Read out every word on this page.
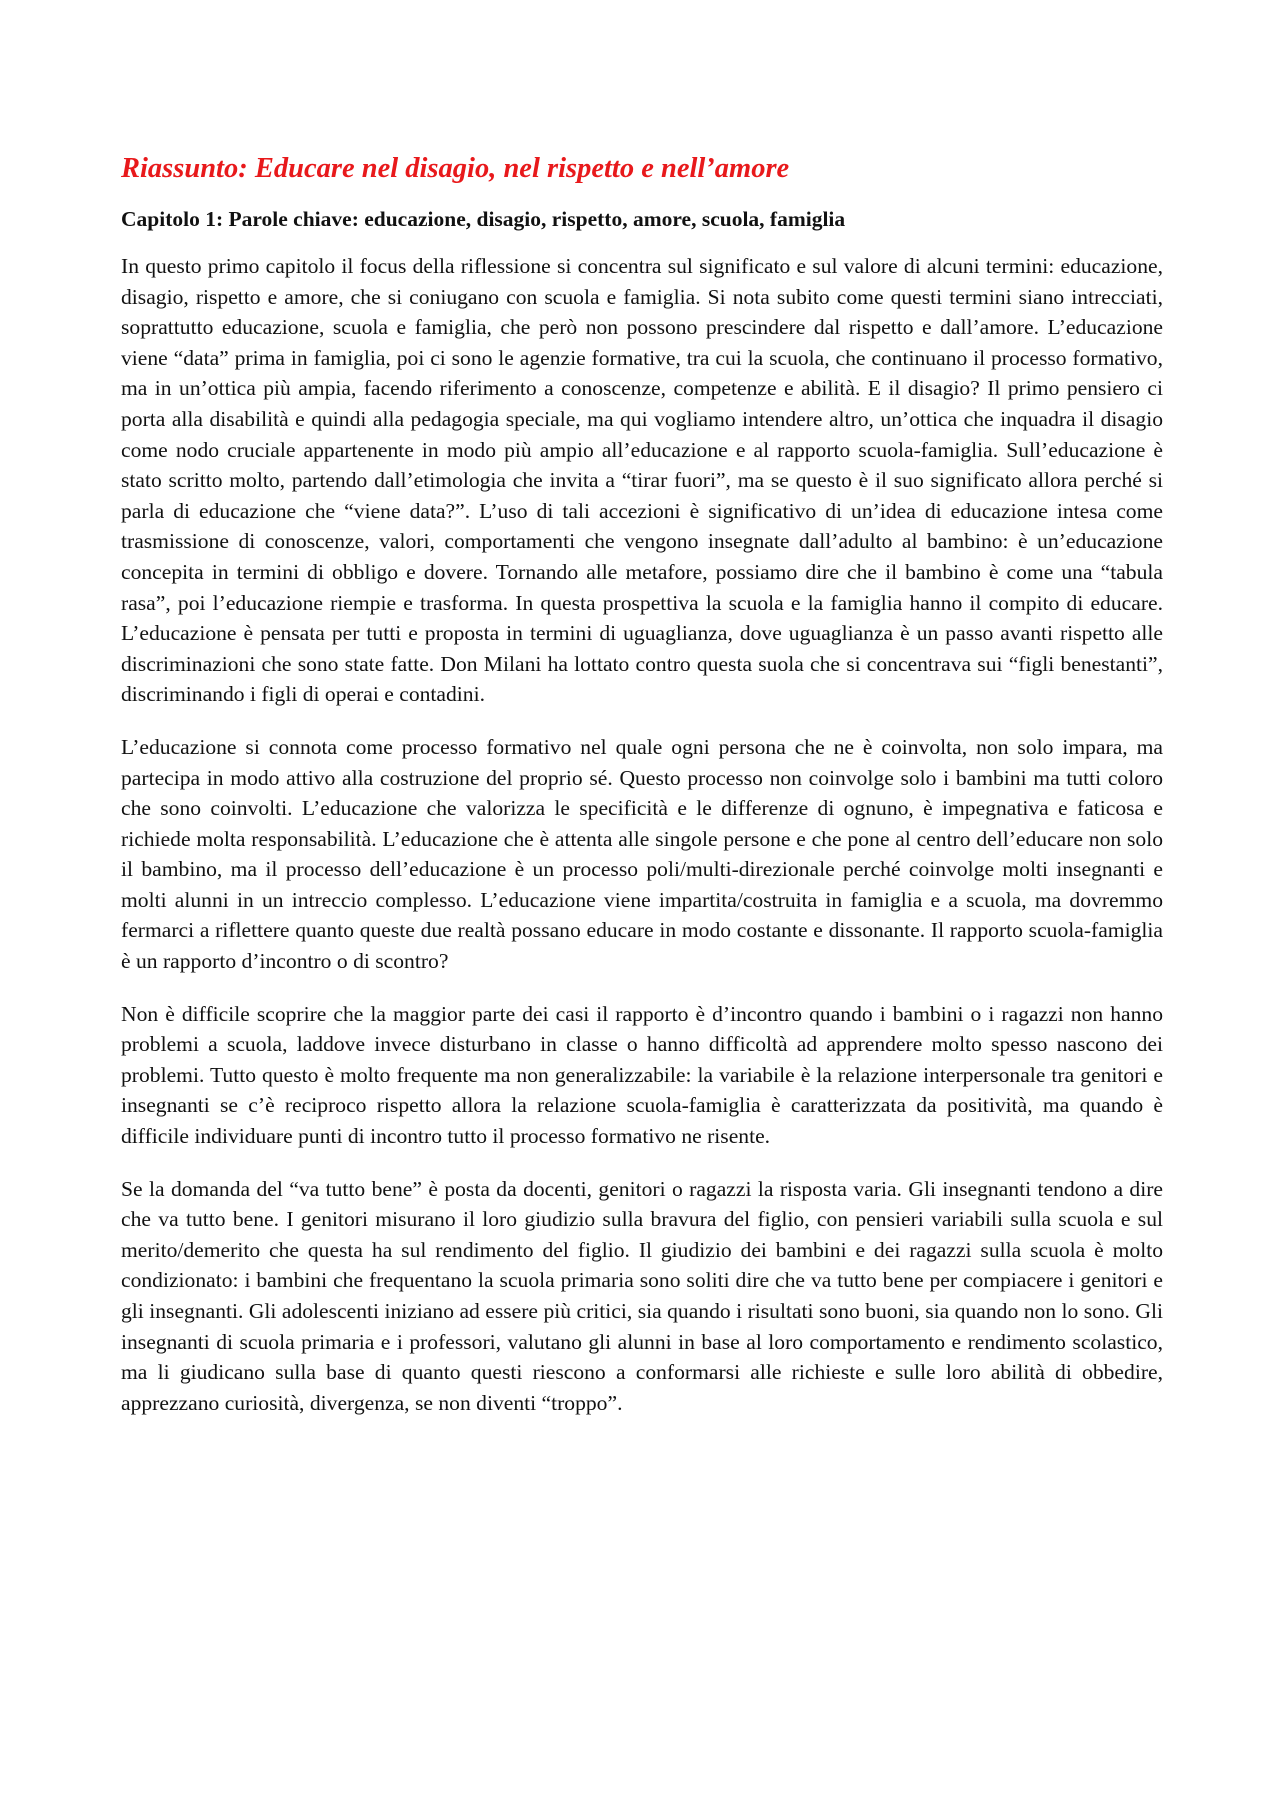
Riassunto: Educare nel disagio, nel rispetto e nell’amore
Capitolo 1: Parole chiave: educazione, disagio, rispetto, amore, scuola, famiglia

In questo primo capitolo il focus della riflessione si concentra sul significato e sul valore di alcuni termini: educazione, disagio, rispetto e amore, che si coniugano con scuola e famiglia. Si nota subito come questi termini siano intrecciati, soprattutto educazione, scuola e famiglia, che però non possono prescindere dal rispetto e dall’amore. L’educazione viene “data” prima in famiglia, poi ci sono le agenzie formative, tra cui la scuola, che continuano il processo formativo, ma in un’ottica più ampia, facendo riferimento a conoscenze, competenze e abilità. E il disagio? Il primo pensiero ci porta alla disabilità e quindi alla pedagogia speciale, ma qui vogliamo intendere altro, un’ottica che inquadra il disagio come nodo cruciale appartenente in modo più ampio all’educazione e al rapporto scuola-famiglia. Sull’educazione è stato scritto molto, partendo dall’etimologia che invita a “tirar fuori”, ma se questo è il suo significato allora perché si parla di educazione che “viene data?”. L’uso di tali accezioni è significativo di un’idea di educazione intesa come trasmissione di conoscenze, valori, comportamenti che vengono insegnate dall’adulto al bambino: è un’educazione concepita in termini di obbligo e dovere. Tornando alle metafore, possiamo dire che il bambino è come una “tabula rasa”, poi l’educazione riempie e trasforma. In questa prospettiva la scuola e la famiglia hanno il compito di educare. L’educazione è pensata per tutti e proposta in termini di uguaglianza, dove uguaglianza è un passo avanti rispetto alle discriminazioni che sono state fatte. Don Milani ha lottato contro questa suola che si concentrava sui “figli benestanti”, discriminando i figli di operai e contadini.

L’educazione si connota come processo formativo nel quale ogni persona che ne è coinvolta, non solo impara, ma partecipa in modo attivo alla costruzione del proprio sé. Questo processo non coinvolge solo i bambini ma tutti coloro che sono coinvolti. L’educazione che valorizza le specificità e le differenze di ognuno, è impegnativa e faticosa e richiede molta responsabilità. L’educazione che è attenta alle singole persone e che pone al centro dell’educare non solo il bambino, ma il processo dell’educazione è un processo poli/multi-direzionale perché coinvolge molti insegnanti e molti alunni in un intreccio complesso. L’educazione viene impartita/costruita in famiglia e a scuola, ma dovremmo fermarci a riflettere quanto queste due realtà possano educare in modo costante e dissonante. Il rapporto scuola-famiglia è un rapporto d’incontro o di scontro?

Non è difficile scoprire che la maggior parte dei casi il rapporto è d’incontro quando i bambini o i ragazzi non hanno problemi a scuola, laddove invece disturbano in classe o hanno difficoltà ad apprendere molto spesso nascono dei problemi. Tutto questo è molto frequente ma non generalizzabile: la variabile è la relazione interpersonale tra genitori e insegnanti se c’è reciproco rispetto allora la relazione scuola-famiglia è caratterizzata da positività, ma quando è difficile individuare punti di incontro tutto il processo formativo ne risente.

Se la domanda del “va tutto bene” è posta da docenti, genitori o ragazzi la risposta varia. Gli insegnanti tendono a dire che va tutto bene. I genitori misurano il loro giudizio sulla bravura del figlio, con pensieri variabili sulla scuola e sul merito/demerito che questa ha sul rendimento del figlio. Il giudizio dei bambini e dei ragazzi sulla scuola è molto condizionato: i bambini che frequentano la scuola primaria sono soliti dire che va tutto bene per compiacere i genitori e gli insegnanti. Gli adolescenti iniziano ad essere più critici, sia quando i risultati sono buoni, sia quando non lo sono. Gli insegnanti di scuola primaria e i professori, valutano gli alunni in base al loro comportamento e rendimento scolastico, ma li giudicano sulla base di quanto questi riescono a conformarsi alle richieste e sulle loro abilità di obbedire, apprezzano curiosità, divergenza, se non diventi “troppo”.
